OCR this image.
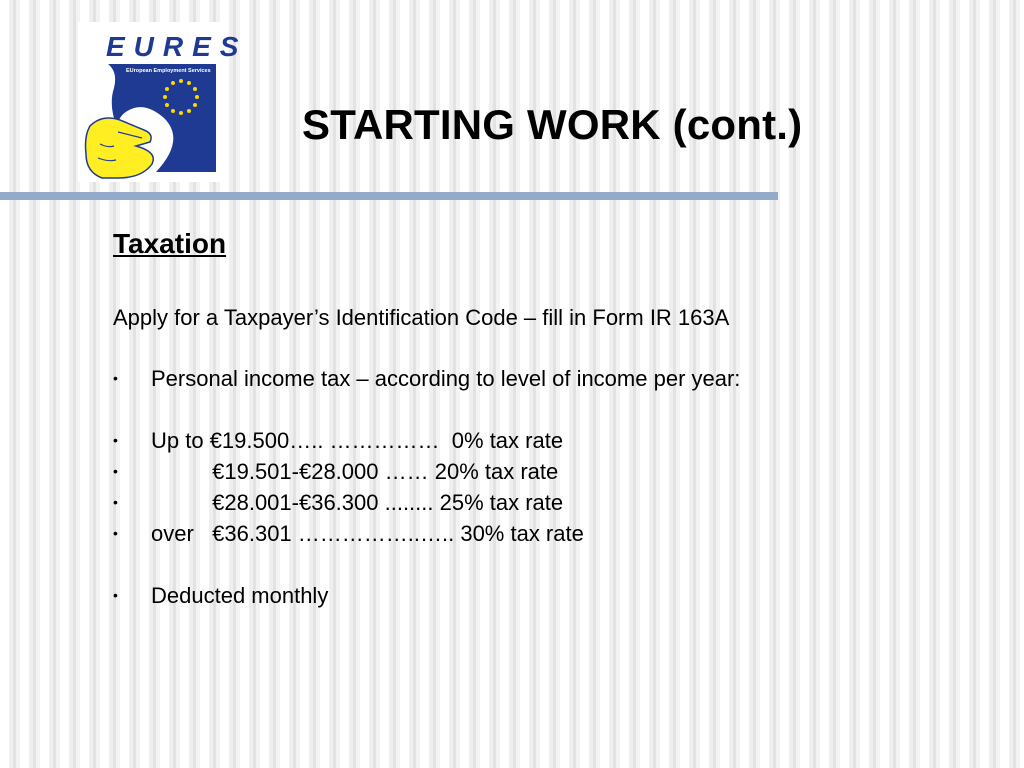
EURES
EUropean Employment Services
STARTING WORK (cont.)
Taxation
Apply for a Taxpayer’s Identification Code – fill in Form IR 163A
• Personal income tax – according to level of income per year:
• Up to €19.500….. ……………  0% tax rate
• €19.501-€28.000 …… 20% tax rate
• €28.001-€36.300 ........ 25% tax rate
• over   €36.301 ……………..….. 30% tax rate
• Deducted monthly
